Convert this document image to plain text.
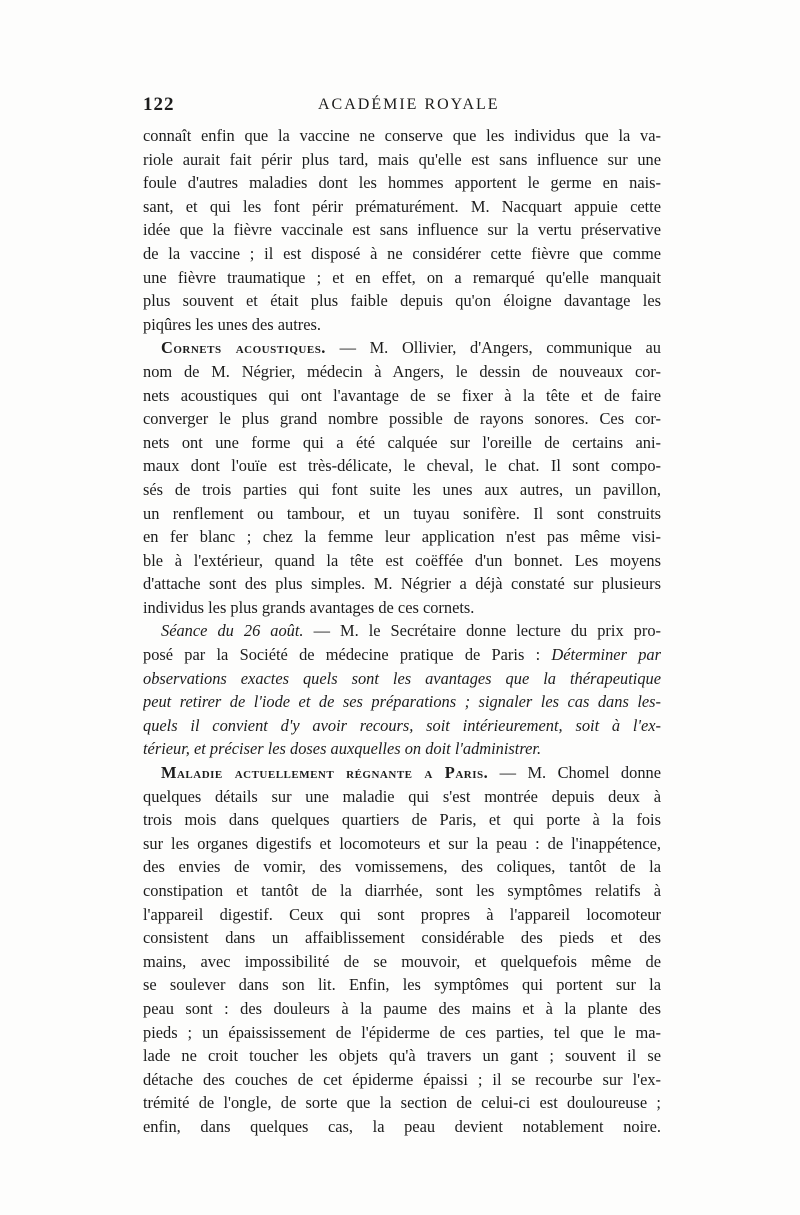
122	ACADÉMIE ROYALE
connaît enfin que la vaccine ne conserve que les individus que la va-
riole aurait fait périr plus tard, mais qu'elle est sans influence sur une
foule d'autres maladies dont les hommes apportent le germe en nais-
sant, et qui les font périr prématurément. M. Nacquart appuie cette
idée que la fièvre vaccinale est sans influence sur la vertu préservative
de la vaccine ; il est disposé à ne considérer cette fièvre que comme
une fièvre traumatique ; et en effet, on a remarqué qu'elle manquait
plus souvent et était plus faible depuis qu'on éloigne davantage les
piqûres les unes des autres.
Cornets acoustiques. — M. Ollivier, d'Angers, communique au
nom de M. Négrier, médecin à Angers, le dessin de nouveaux cor-
nets acoustiques qui ont l'avantage de se fixer à la tête et de faire
converger le plus grand nombre possible de rayons sonores. Ces cor-
nets ont une forme qui a été calquée sur l'oreille de certains ani-
maux dont l'ouïe est très-délicate, le cheval, le chat. Il sont compo-
sés de trois parties qui font suite les unes aux autres, un pavillon,
un renflement ou tambour, et un tuyau sonifère. Il sont construits
en fer blanc ; chez la femme leur application n'est pas même visi-
ble à l'extérieur, quand la tête est coëffée d'un bonnet. Les moyens
d'attache sont des plus simples. M. Négrier a déjà constaté sur plusieurs
individus les plus grands avantages de ces cornets.
Séance du 26 août. — M. le Secrétaire donne lecture du prix pro-
posé par la Société de médecine pratique de Paris : Déterminer par
observations exactes quels sont les avantages que la thérapeutique
peut retirer de l'iode et de ses préparations ; signaler les cas dans les-
quels il convient d'y avoir recours, soit intérieurement, soit à l'ex-
térieur, et préciser les doses auxquelles on doit l'administrer.
Maladie actuellement régnante a Paris. — M. Chomel donne
quelques détails sur une maladie qui s'est montrée depuis deux à
trois mois dans quelques quartiers de Paris, et qui porte à la fois
sur les organes digestifs et locomoteurs et sur la peau : de l'inappétence,
des envies de vomir, des vomissemens, des coliques, tantôt de la
constipation et tantôt de la diarrhée, sont les symptômes relatifs à
l'appareil digestif. Ceux qui sont propres à l'appareil locomoteur
consistent dans un affaiblissement considérable des pieds et des
mains, avec impossibilité de se mouvoir, et quelquefois même de
se soulever dans son lit. Enfin, les symptômes qui portent sur la
peau sont : des douleurs à la paume des mains et à la plante des
pieds ; un épaississement de l'épiderme de ces parties, tel que le ma-
lade ne croit toucher les objets qu'à travers un gant ; souvent il se
détache des couches de cet épiderme épaissi ; il se recourbe sur l'ex-
trémité de l'ongle, de sorte que la section de celui-ci est douloureuse ;
enfin, dans quelques cas, la peau devient notablement noire.
